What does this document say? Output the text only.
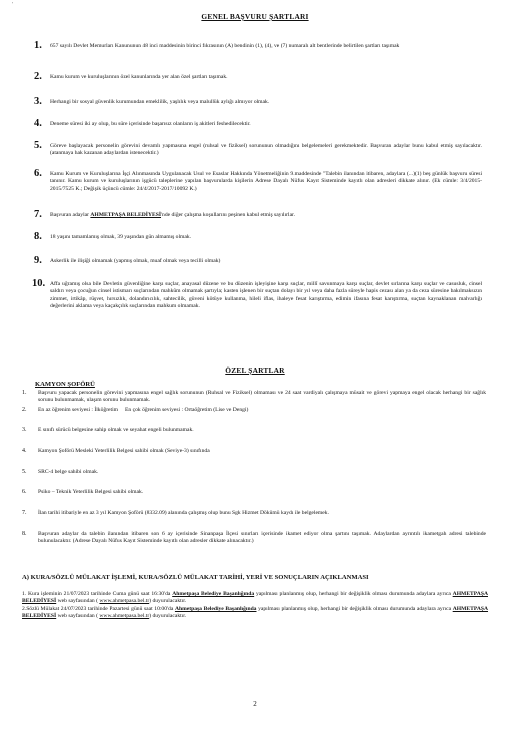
'
GENEL BAŞVURU ŞARTLARI
1.	657 sayılı Devlet Memurları Kanununun 48 inci maddesinin birinci fıkrasının (A) bendinin (1), (4), ve (7) numaralı alt bentlerinde belirtilen şartları taşımak
2.	Kamu kurum ve kuruluşlarının özel kanunlarında yer alan özel şartları taşımak.
3.	Herhangi bir sosyal güvenlik kurumundan emeklilik, yaşlılık veya malullük aylığı almıyor olmak.
4.	Deneme süresi iki ay olup, bu süre içerisinde başarısız olanların iş akitleri feshedilecektir.
5.	Göreve başlayacak personelin görevini devamlı yapmasına engel (ruhsal ve fiziksel) sorununun olmadığını belgelemeleri gerekmektedir. Başvuran adaylar bunu kabul etmiş sayılacaktır. (atanmaya hak kazanan adaylardan istenecektir.)
6.	Kamu Kurum ve Kuruluşlarına İşçi Alınmasında Uygulanacak Usul ve Esaslar Hakkında Yönetmeliğinin 9.maddesinde "Talebin ilanından itibaren, adaylara (...)(1) beş günlük başvuru süresi tanınır. Kamu kurum ve kuruluşlarının işgücü taleplerine yapılan başvurularda kişilerin Adrese Dayalı Nüfus Kayıt Sisteminde kayıtlı olan adresleri dikkate alınır. (Ek cümle: 3/4/2015-2015/7525 K.; Değişik üçüncü cümle: 24/4/2017-2017/10092 K.)
7.	Başvuran adaylar AHMETPAŞA BELEDİYESİ'nde diğer çalışma koşullarını peşinen kabul etmiş sayılırlar.
8.	18 yaşını tamamlamış olmak, 39 yaşından gün almamış olmak.
9.	Askerlik ile ilişiği olmamak (yapmış olmak, muaf olmak veya tecilli olmak)
10. Affa uğramış olsa bile Devletin güvenliğine karşı suçlar, anayasal düzene ve bu düzenin işleyişine karşı suçlar, millî savunmaya karşı suçlar, devlet sırlarına karşı suçlar ve casusluk, cinsel saldırı veya çocuğun cinsel istismarı suçlarından mahkûm olmamak şartıyla; kasten işlenen bir suçtan dolayı bir yıl veya daha fazla süreyle hapis cezası alan ya da ceza süresine bakılmaksızın zimmet, irtikâp, rüşvet, hırsızlık, dolandırıcılık, sahtecilik, güveni kötüye kullanma, hileli iflas, ihaleye fesat karıştırma, edimin ifasına fesat karıştırma, suçtan kaynaklanan malvarlığı değerlerini aklama veya kaçakçılık suçlarından mahkum olmamak.
ÖZEL ŞARTLAR
KAMYON ŞOFÖRÜ
1.	Başvuru yapacak personelin görevini yapmasına engel sağlık sorununun (Ruhsal ve Fiziksel) olmaması ve 24 saat vardiyalı çalışmaya müsait ve görevi yapmaya engel olacak herhangi bir sağlık sorunu bulunmamak, ulaşım sorunu bulunmamak.
2.	En az öğrenim seviyesi : İlköğretim     En çok öğrenim seviyesi : Ortaöğretim (Lise ve Dengi)
3.	E sınıfı sürücü belgesine sahip olmak ve seyahat engeli bulunmamak.
4.	Kamyon Şoförü Mesleki Yeterlilik Belgesi sahibi olmak (Seviye-3) sınıfında
5.	SRC-4 belge sahibi olmak.
6.	Psiko – Teknik Yeterlilik Belgesi sahibi olmak.
7.	İlan tarihi itibariyle en az 3 yıl Kamyon Şoförü (8332.09) alanında çalışmış olup bunu Sgk Hizmet Dökümü kaydı ile belgelemek.
8.	Başvuran adaylar da talebin ilanından itibaren son 6 ay içerisinde Sinanpaşa İlçesi sınırları içerisinde ikamet ediyor olma şartını taşımak. Adaylardan ayrıntılı ikametgah adresi talebinde bulunulacaktır. (Adrese Dayalı Nüfus Kayıt Sisteminde kayıtlı olan adresler dikkate alınacaktır.)
A) KURA/SÖZLÜ MÜLAKAT İŞLEMİ, KURA/SÖZLÜ MÜLAKAT TARİHİ, YERİ VE SONUÇLARIN AÇIKLANMASI
1. Kura işleminin 21/07/2023 tarihinde Cuma günü saat 16:30'da Ahmetpaşa Belediye Başanlığında yapılması planlanmış olup, herhangi bir değişiklik olması durumunda adaylara ayrıca AHMETPAŞA BELEDİYESİ web sayfasından ( www.ahmetpasa.bel.tr) duyurulacaktır.
2.Sözlü Mülakat 24/07/2023 tarihinde Pazartesi günü saat 10:00'da Ahmetpaşa Belediye Başanlığında yapılması planlanmış olup, herhangi bir değişiklik olması durumunda adaylara ayrıca AHMETPAŞA BELEDİYESİ web sayfasından ( www.ahmetpasa.bel.tr) duyurulacaktır.
2
